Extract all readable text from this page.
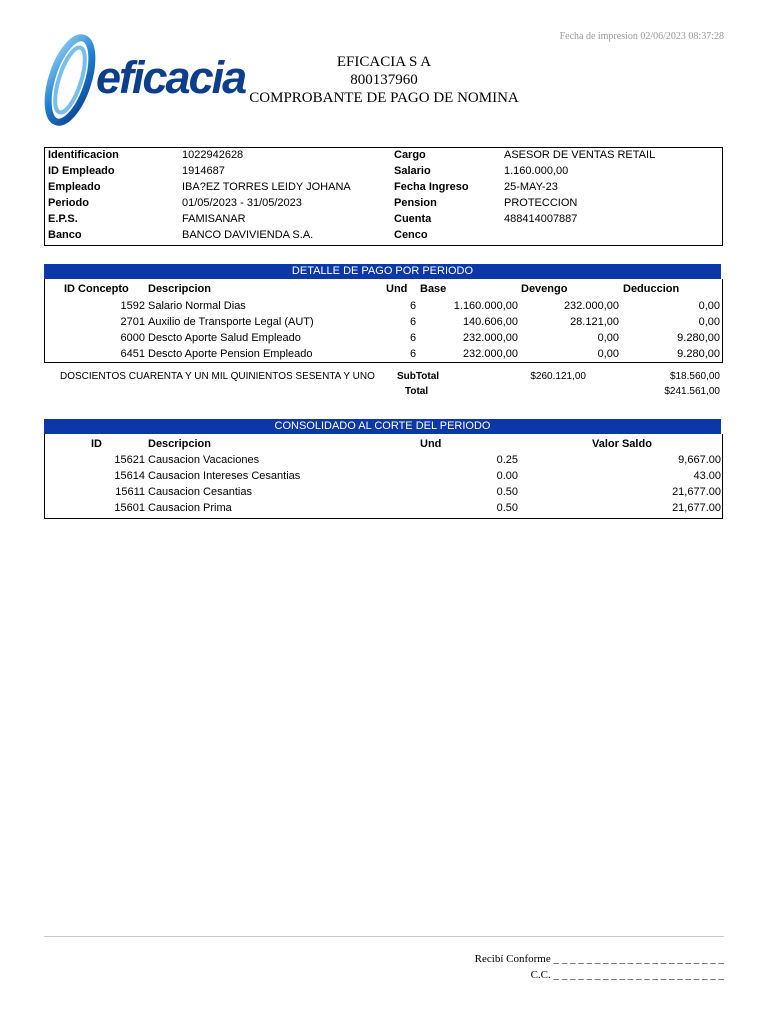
Fecha de impresion 02/06/2023 08:37:28
eficacia	EFICACIA S A
800137960
COMPROBANTE DE PAGO DE NOMINA
Identificacion	1022942628	Cargo	ASESOR DE VENTAS RETAIL
ID Empleado	1914687	Salario	1.160.000,00
Empleado	IBA?EZ TORRES LEIDY JOHANA	Fecha Ingreso	25-MAY-23
Periodo	01/05/2023 - 31/05/2023	Pension	PROTECCION
E.P.S.	FAMISANAR	Cuenta	488414007887
Banco	BANCO DAVIVIENDA S.A.	Cenco
DETALLE DE PAGO POR PERIODO
ID Concepto Descripcion	Und Base	Devengo	Deduccion
1592 Salario Normal Dias	6	1.160.000,00	232.000,00	0,00
2701 Auxilio de Transporte Legal (AUT)	6	140.606,00	28.121,00	0,00
6000 Descto Aporte Salud Empleado	6	232.000,00	0,00	9.280,00
6451 Descto Aporte Pension Empleado	6	232.000,00	0,00	9.280,00
DOSCIENTOS CUARENTA Y UN MIL QUINIENTOS SESENTA Y UNO SubTotal	$260.121,00	$18.560,00
Total	$241.561,00
CONSOLIDADO AL CORTE DEL PERIODO
ID	Descripcion	Und	Valor Saldo
15621 Causacion Vacaciones	0.25	9,667.00
15614 Causacion Intereses Cesantias	0.00	43.00
15611 Causacion Cesantias	0.50	21,677.00
15601 Causacion Prima	0.50	21,677.00
Recibí Conforme _ _ _ _ _ _ _ _ _ _ _ _ _ _ _ _ _ _ _ _ _
C.C. _ _ _ _ _ _ _ _ _ _ _ _ _ _ _ _ _ _ _ _ _
